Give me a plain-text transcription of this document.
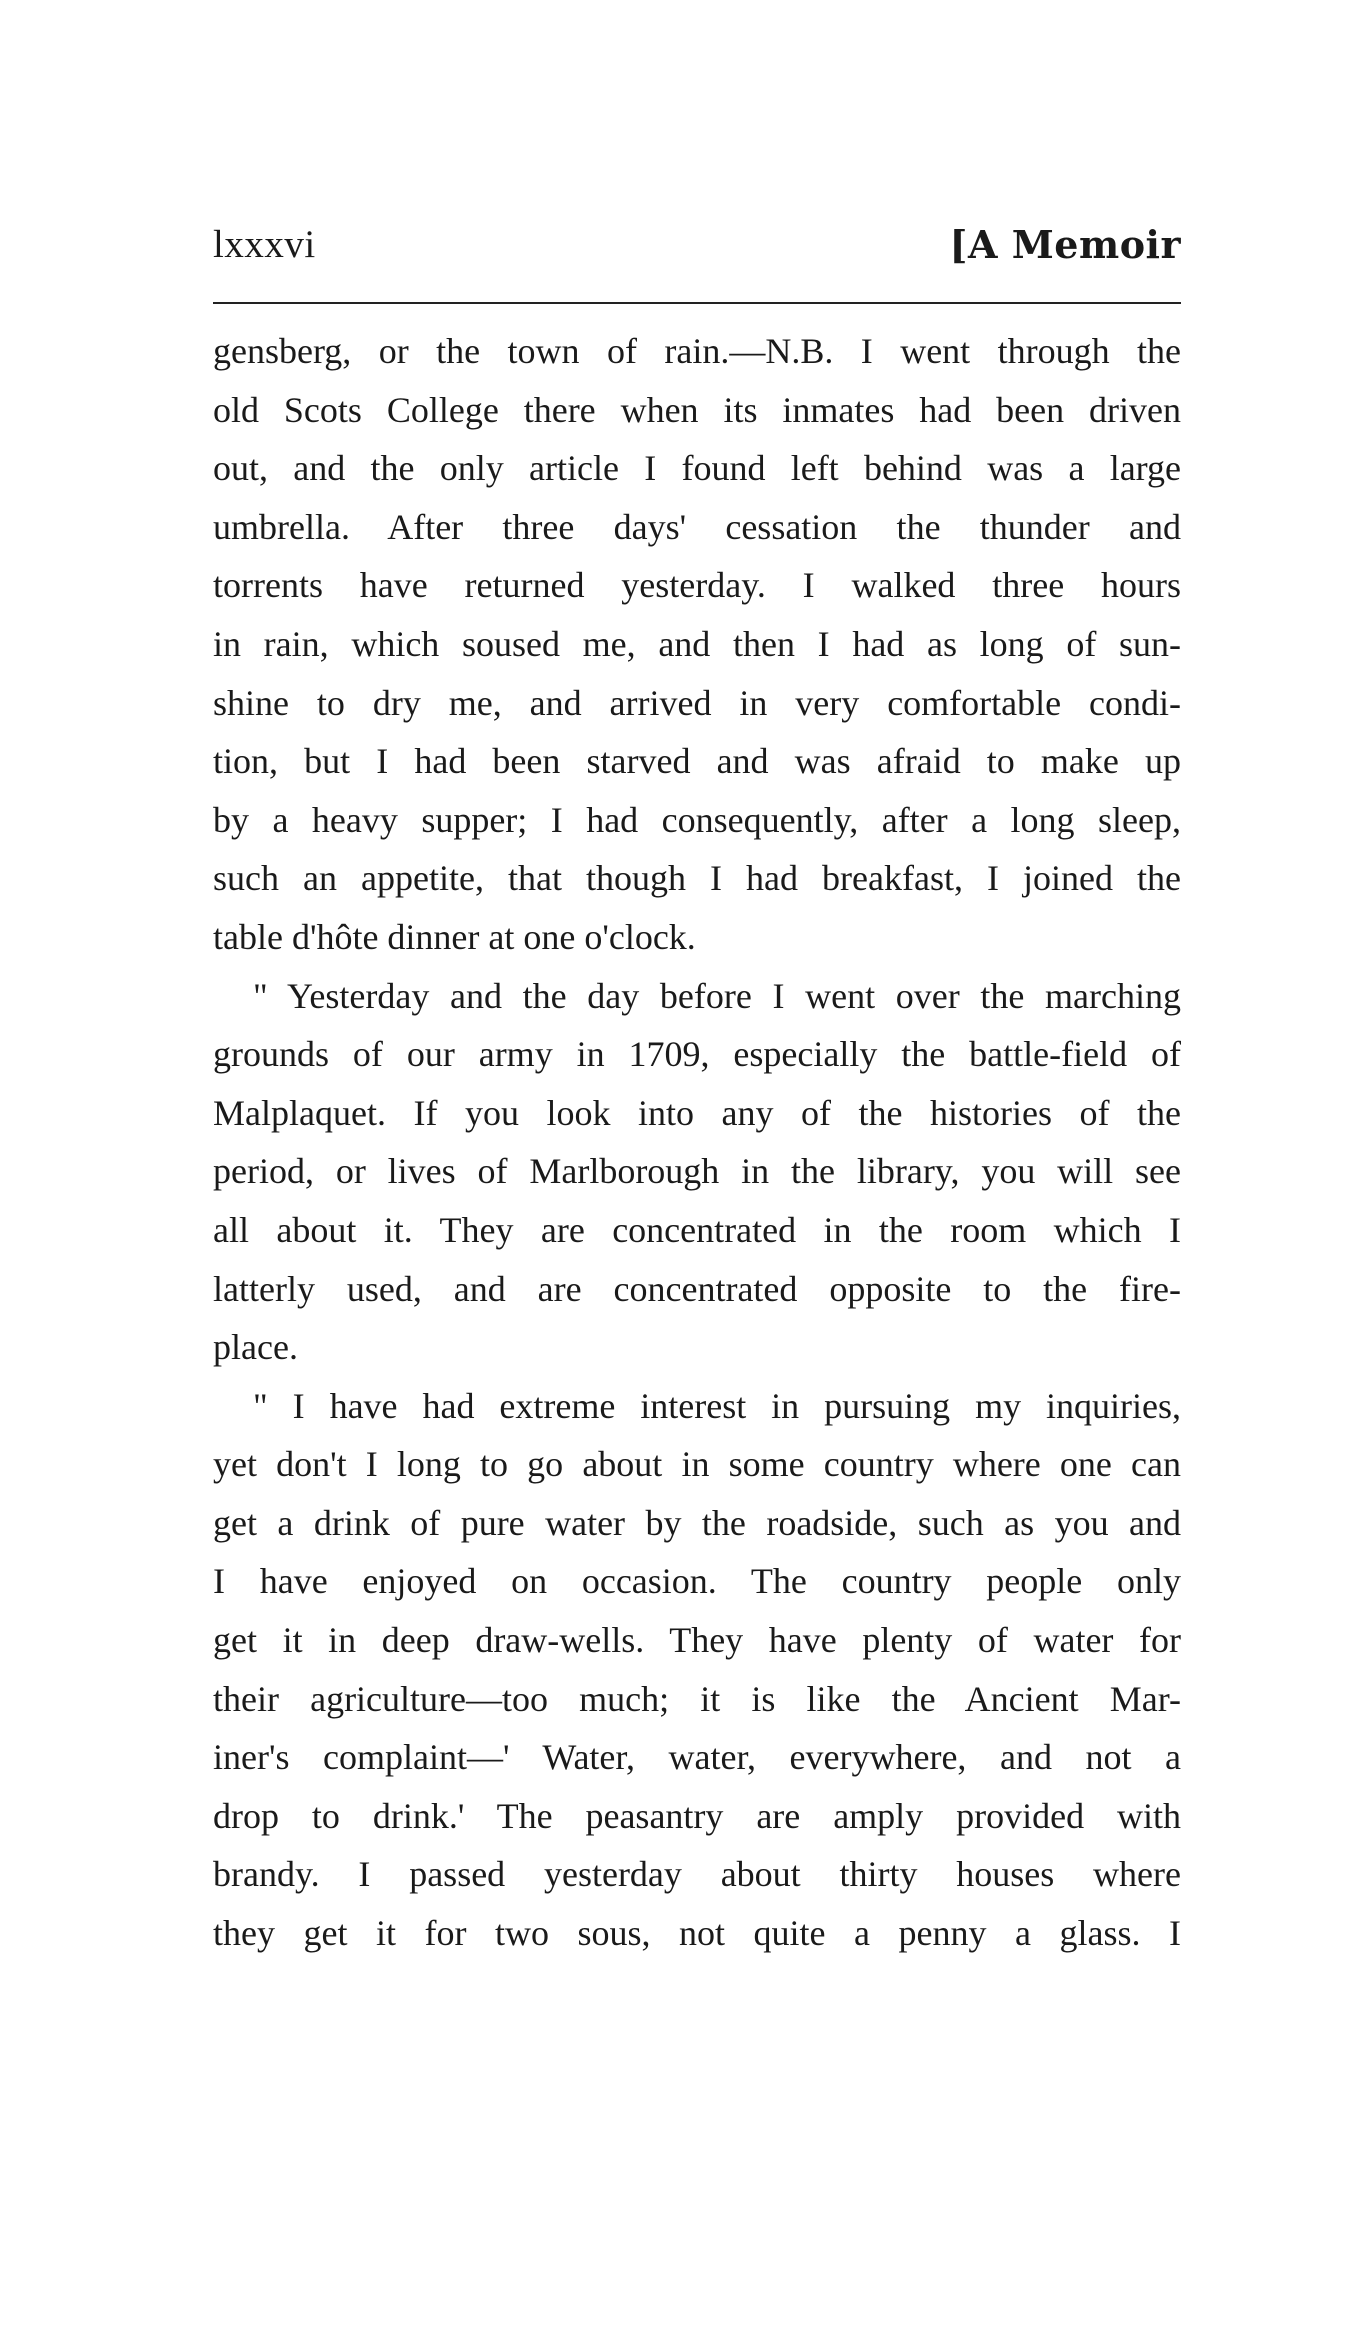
lxxxvi	[A Memoir
gensberg, or the town of rain.—N.B. I went through the
old Scots College there when its inmates had been driven
out, and the only article I found left behind was a large
umbrella. After three days' cessation the thunder and
torrents have returned yesterday. I walked three hours
in rain, which soused me, and then I had as long of sun-
shine to dry me, and arrived in very comfortable condi-
tion, but I had been starved and was afraid to make up
by a heavy supper; I had consequently, after a long sleep,
such an appetite, that though I had breakfast, I joined the
table d'hôte dinner at one o'clock.
" Yesterday and the day before I went over the marching
grounds of our army in 1709, especially the battle-field of
Malplaquet. If you look into any of the histories of the
period, or lives of Marlborough in the library, you will see
all about it. They are concentrated in the room which I
latterly used, and are concentrated opposite to the fire-
place.
" I have had extreme interest in pursuing my inquiries,
yet don't I long to go about in some country where one can
get a drink of pure water by the roadside, such as you and
I have enjoyed on occasion. The country people only
get it in deep draw-wells. They have plenty of water for
their agriculture—too much; it is like the Ancient Mar-
iner's complaint—' Water, water, everywhere, and not a
drop to drink.' The peasantry are amply provided with
brandy. I passed yesterday about thirty houses where
they get it for two sous, not quite a penny a glass. I
